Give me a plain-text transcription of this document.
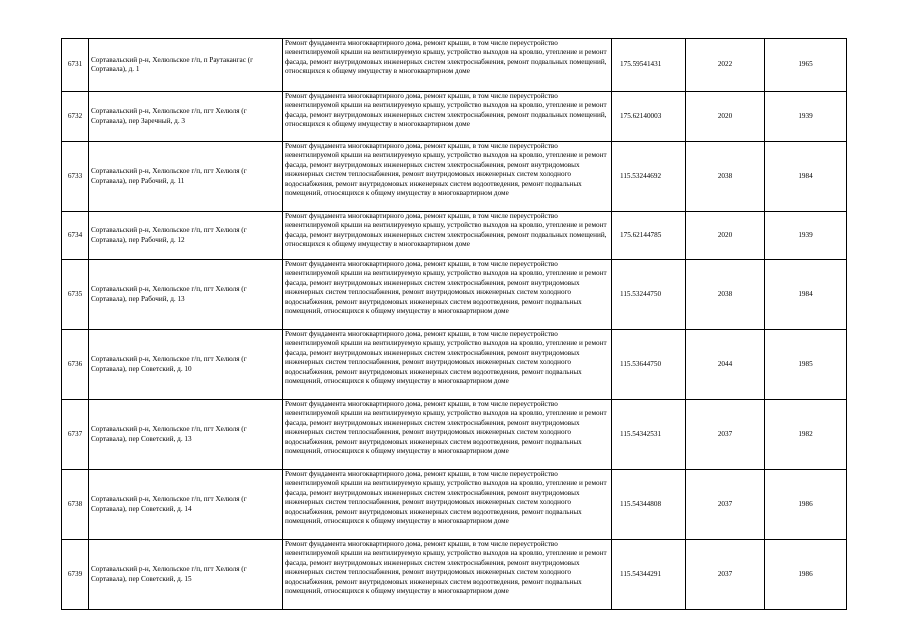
6731	Сортавальский р-н, Хелюльское г/п, п Раутакангас (г Сортавала), д. 1	Ремонт фундамента многоквартирного дома, ремонт крыши, в том числе переустройство невентилируемой крыши на вентилируемую крышу, устройство выходов на кровлю, утепление и ремонт фасада, ремонт внутридомовых инженерных систем электроснабжения, ремонт подвальных помещений, относящихся к общему имуществу в многоквартирном доме	175.59541431	2022	1965
6732	Сортавальский р-н, Хелюльское г/п, пгт Хелюля (г Сортавала), пер Заречный, д. 3	Ремонт фундамента многоквартирного дома, ремонт крыши, в том числе переустройство невентилируемой крыши на вентилируемую крышу, устройство выходов на кровлю, утепление и ремонт фасада, ремонт внутридомовых инженерных систем электроснабжения, ремонт подвальных помещений, относящихся к общему имуществу в многоквартирном доме	175.62140003	2020	1939
6733	Сортавальский р-н, Хелюльское г/п, пгт Хелюля (г Сортавала), пер Рабочий, д. 11	Ремонт фундамента многоквартирного дома, ремонт крыши, в том числе переустройство невентилируемой крыши на вентилируемую крышу, устройство выходов на кровлю, утепление и ремонт фасада, ремонт внутридомовых инженерных систем электроснабжения, ремонт внутридомовых инженерных систем теплоснабжения, ремонт внутридомовых инженерных систем холодного водоснабжения, ремонт внутридомовых инженерных систем водоотведения, ремонт подвальных помещений, относящихся к общему имуществу в многоквартирном доме	115.53244692	2038	1984
6734	Сортавальский р-н, Хелюльское г/п, пгт Хелюля (г Сортавала), пер Рабочий, д. 12	Ремонт фундамента многоквартирного дома, ремонт крыши, в том числе переустройство невентилируемой крыши на вентилируемую крышу, устройство выходов на кровлю, утепление и ремонт фасада, ремонт внутридомовых инженерных систем электроснабжения, ремонт подвальных помещений, относящихся к общему имуществу в многоквартирном доме	175.62144785	2020	1939
6735	Сортавальский р-н, Хелюльское г/п, пгт Хелюля (г Сортавала), пер Рабочий, д. 13	Ремонт фундамента многоквартирного дома, ремонт крыши, в том числе переустройство невентилируемой крыши на вентилируемую крышу, устройство выходов на кровлю, утепление и ремонт фасада, ремонт внутридомовых инженерных систем электроснабжения, ремонт внутридомовых инженерных систем теплоснабжения, ремонт внутридомовых инженерных систем холодного водоснабжения, ремонт внутридомовых инженерных систем водоотведения, ремонт подвальных помещений, относящихся к общему имуществу в многоквартирном доме	115.53244750	2038	1984
6736	Сортавальский р-н, Хелюльское г/п, пгт Хелюля (г Сортавала), пер Советский, д. 10	Ремонт фундамента многоквартирного дома, ремонт крыши, в том числе переустройство невентилируемой крыши на вентилируемую крышу, устройство выходов на кровлю, утепление и ремонт фасада, ремонт внутридомовых инженерных систем электроснабжения, ремонт внутридомовых инженерных систем теплоснабжения, ремонт внутридомовых инженерных систем холодного водоснабжения, ремонт внутридомовых инженерных систем водоотведения, ремонт подвальных помещений, относящихся к общему имуществу в многоквартирном доме	115.53644750	2044	1985
6737	Сортавальский р-н, Хелюльское г/п, пгт Хелюля (г Сортавала), пер Советский, д. 13	Ремонт фундамента многоквартирного дома, ремонт крыши, в том числе переустройство невентилируемой крыши на вентилируемую крышу, устройство выходов на кровлю, утепление и ремонт фасада, ремонт внутридомовых инженерных систем электроснабжения, ремонт внутридомовых инженерных систем теплоснабжения, ремонт внутридомовых инженерных систем холодного водоснабжения, ремонт внутридомовых инженерных систем водоотведения, ремонт подвальных помещений, относящихся к общему имуществу в многоквартирном доме	115.54342531	2037	1982
6738	Сортавальский р-н, Хелюльское г/п, пгт Хелюля (г Сортавала), пер Советский, д. 14	Ремонт фундамента многоквартирного дома, ремонт крыши, в том числе переустройство невентилируемой крыши на вентилируемую крышу, устройство выходов на кровлю, утепление и ремонт фасада, ремонт внутридомовых инженерных систем электроснабжения, ремонт внутридомовых инженерных систем теплоснабжения, ремонт внутридомовых инженерных систем холодного водоснабжения, ремонт внутридомовых инженерных систем водоотведения, ремонт подвальных помещений, относящихся к общему имуществу в многоквартирном доме	115.54344808	2037	1986
6739	Сортавальский р-н, Хелюльское г/п, пгт Хелюля (г Сортавала), пер Советский, д. 15	Ремонт фундамента многоквартирного дома, ремонт крыши, в том числе переустройство невентилируемой крыши на вентилируемую крышу, устройство выходов на кровлю, утепление и ремонт фасада, ремонт внутридомовых инженерных систем электроснабжения, ремонт внутридомовых инженерных систем теплоснабжения, ремонт внутридомовых инженерных систем холодного водоснабжения, ремонт внутридомовых инженерных систем водоотведения, ремонт подвальных помещений, относящихся к общему имуществу в многоквартирном доме	115.54344291	2037	1986
